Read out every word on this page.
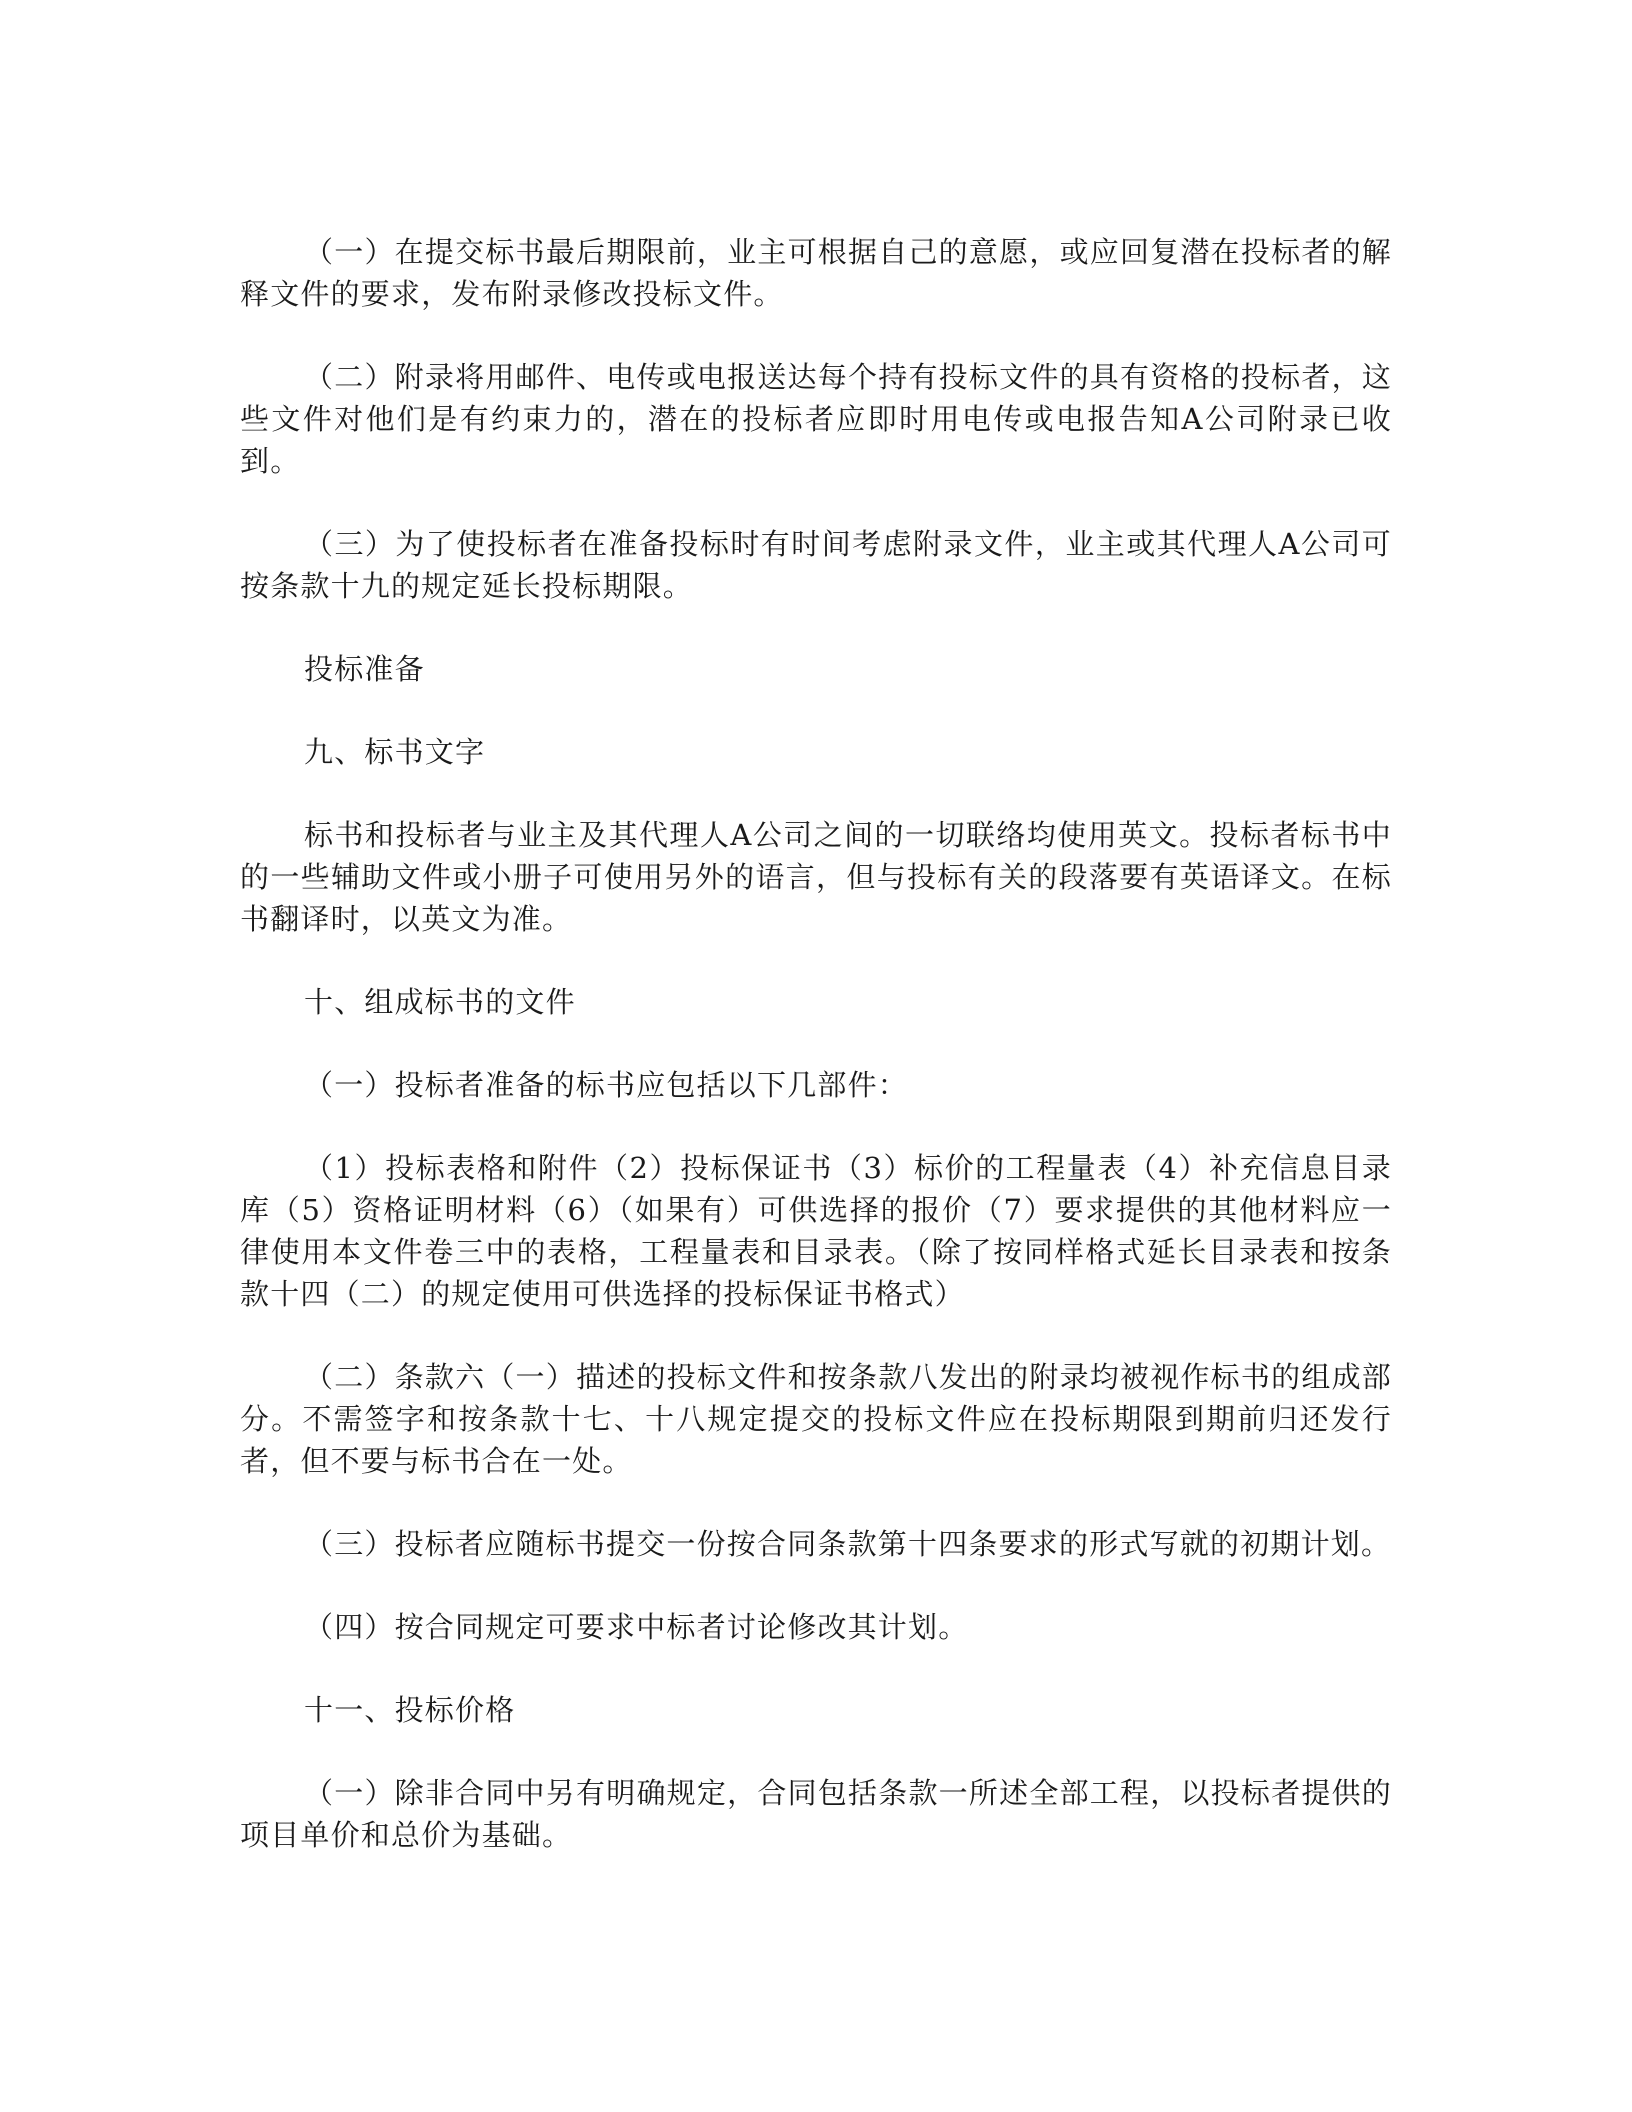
（一）在提交标书最后期限前，业主可根据自己的意愿，或应回复潜在投标者的解释文件的要求，发布附录修改投标文件。

（二）附录将用邮件、电传或电报送达每个持有投标文件的具有资格的投标者，这些文件对他们是有约束力的，潜在的投标者应即时用电传或电报告知A公司附录已收到。

（三）为了使投标者在准备投标时有时间考虑附录文件，业主或其代理人A公司可按条款十九的规定延长投标期限。

投标准备

九、标书文字

标书和投标者与业主及其代理人A公司之间的一切联络均使用英文。投标者标书中的一些辅助文件或小册子可使用另外的语言，但与投标有关的段落要有英语译文。在标书翻译时，以英文为准。

十、组成标书的文件

（一）投标者准备的标书应包括以下几部件：

（1）投标表格和附件（2）投标保证书（3）标价的工程量表（4）补充信息目录库（5）资格证明材料（6）（如果有）可供选择的报价（7）要求提供的其他材料应一律使用本文件卷三中的表格，工程量表和目录表。（除了按同样格式延长目录表和按条款十四（二）的规定使用可供选择的投标保证书格式）

（二）条款六（一）描述的投标文件和按条款八发出的附录均被视作标书的组成部分。不需签字和按条款十七、十八规定提交的投标文件应在投标期限到期前归还发行者，但不要与标书合在一处。

（三）投标者应随标书提交一份按合同条款第十四条要求的形式写就的初期计划。

（四）按合同规定可要求中标者讨论修改其计划。

十一、投标价格

（一）除非合同中另有明确规定，合同包括条款一所述全部工程，以投标者提供的项目单价和总价为基础。
